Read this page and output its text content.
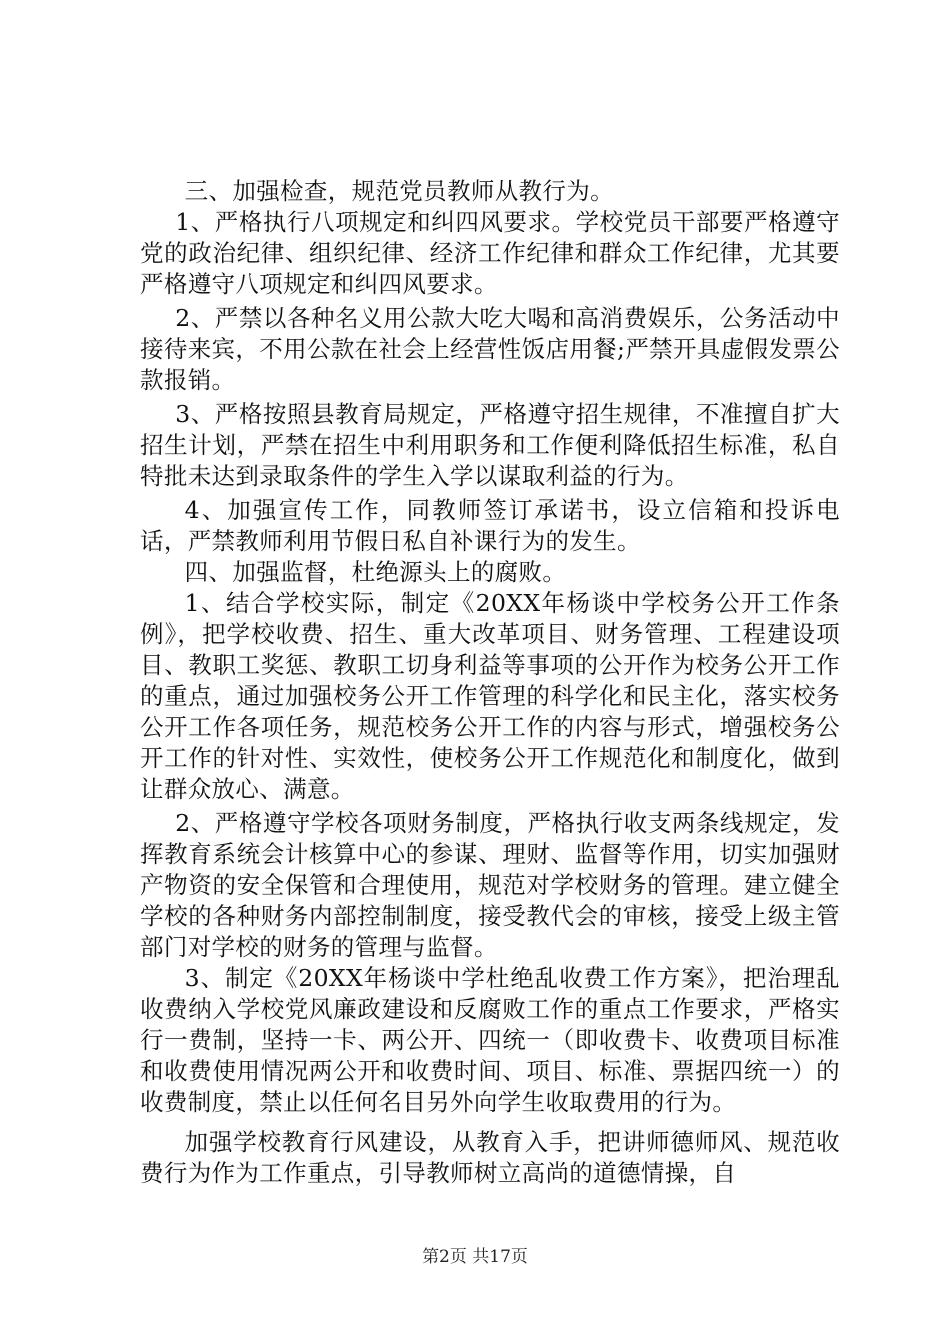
三、加强检查，规范党员教师从教行为。

1、严格执行八项规定和纠四风要求。学校党员干部要严格遵守党的政治纪律、组织纪律、经济工作纪律和群众工作纪律，尤其要严格遵守八项规定和纠四风要求。

2、严禁以各种名义用公款大吃大喝和高消费娱乐，公务活动中接待来宾，不用公款在社会上经营性饭店用餐;严禁开具虚假发票公款报销。

3、严格按照县教育局规定，严格遵守招生规律，不准擅自扩大招生计划，严禁在招生中利用职务和工作便利降低招生标准，私自特批未达到录取条件的学生入学以谋取利益的行为。

4、加强宣传工作，同教师签订承诺书，设立信箱和投诉电话，严禁教师利用节假日私自补课行为的发生。

四、加强监督，杜绝源头上的腐败。

1、结合学校实际，制定《20XX年杨谈中学校务公开工作条例》，把学校收费、招生、重大改革项目、财务管理、工程建设项目、教职工奖惩、教职工切身利益等事项的公开作为校务公开工作的重点，通过加强校务公开工作管理的科学化和民主化，落实校务公开工作各项任务，规范校务公开工作的内容与形式，增强校务公开工作的针对性、实效性，使校务公开工作规范化和制度化，做到让群众放心、满意。

2、严格遵守学校各项财务制度，严格执行收支两条线规定，发挥教育系统会计核算中心的参谋、理财、监督等作用，切实加强财产物资的安全保管和合理使用，规范对学校财务的管理。建立健全学校的各种财务内部控制制度，接受教代会的审核，接受上级主管部门对学校的财务的管理与监督。

3、制定《20XX年杨谈中学杜绝乱收费工作方案》，把治理乱收费纳入学校党风廉政建设和反腐败工作的重点工作要求，严格实行一费制，坚持一卡、两公开、四统一（即收费卡、收费项目标准和收费使用情况两公开和收费时间、项目、标准、票据四统一）的收费制度，禁止以任何名目另外向学生收取费用的行为。

加强学校教育行风建设，从教育入手，把讲师德师风、规范收费行为作为工作重点，引导教师树立高尚的道德情操，自

第2页 共17页
